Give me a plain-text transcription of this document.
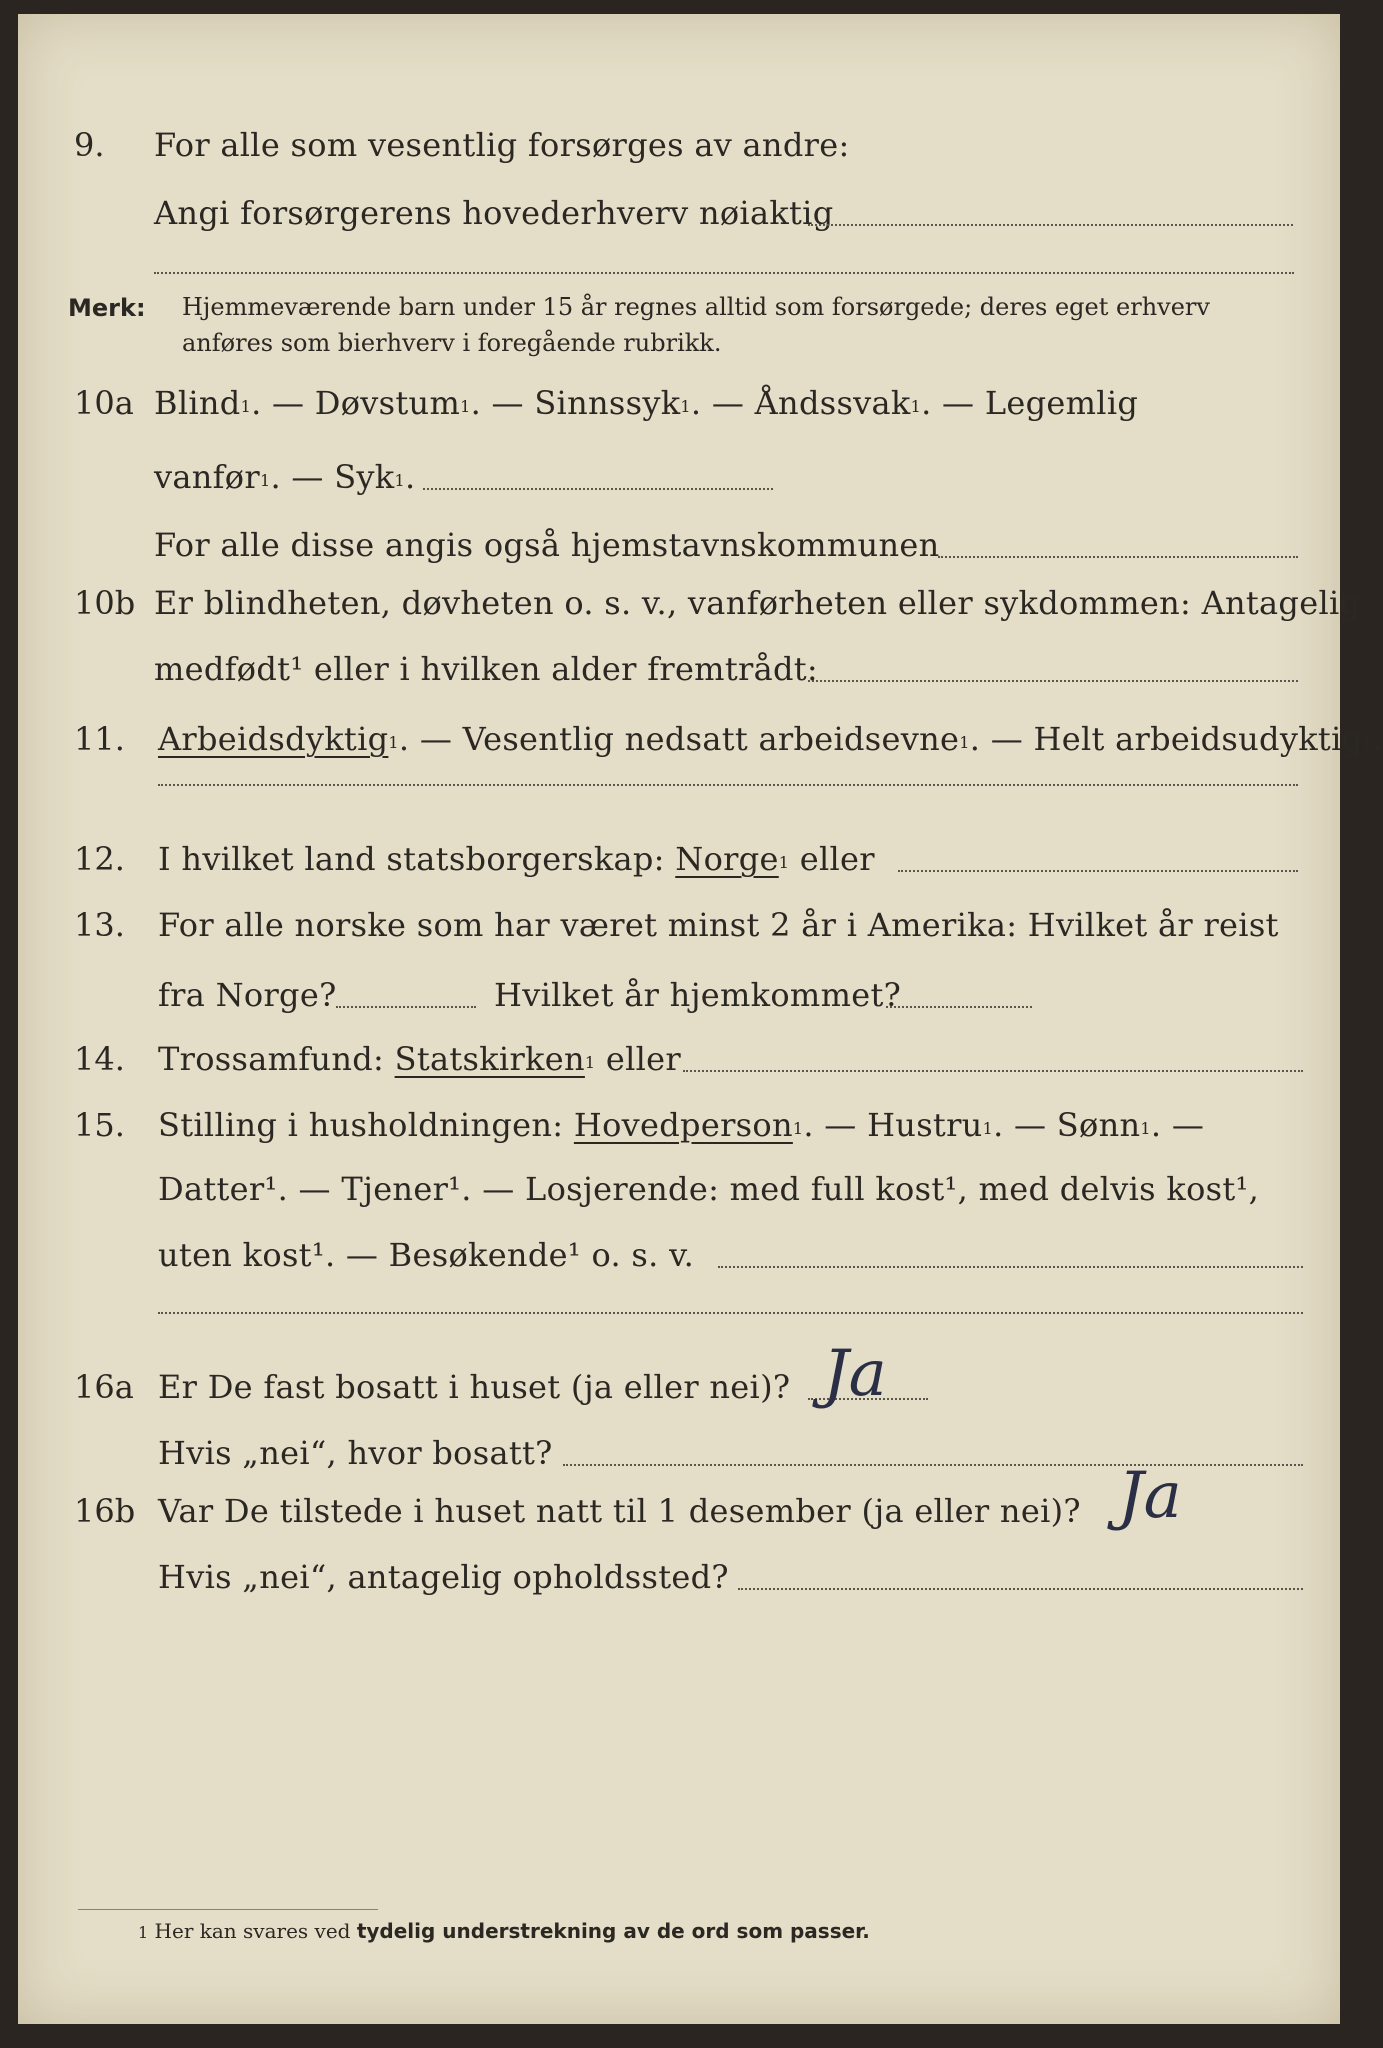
9. For alle som vesentlig forsørges av andre:
Angi forsørgerens hovederhverv nøiaktig
Merk: Hjemmeværende barn under 15 år regnes alltid som forsørgede; deres eget erhverv
anføres som bierhverv i foregående rubrikk.
10a Blind$^1$. — Døvstum$^1$. — Sinnssyk$^1$. — Åndssvak$^1$. — Legemlig
vanfør$^1$. — Syk$^1$.
For alle disse angis også hjemstavnskommunen
10b Er blindheten, døvheten o. s. v., vanførheten eller sykdommen: Antagelig
medfødt¹ eller i hvilken alder fremtrådt:
11. Arbeidsdyktig$^1$. — Vesentlig nedsatt arbeidsevne$^1$. — Helt arbeidsudyktig$^1$.
12. I hvilket land statsborgerskap: Norge$^1$ eller
13. For alle norske som har været minst 2 år i Amerika: Hvilket år reist
fra Norge?	Hvilket år hjemkommet?
14. Trossamfund: Statskirken$^1$ eller
15. Stilling i husholdningen: Hovedperson$^1$. — Hustru$^1$. — Sønn$^1$. —
Datter¹. — Tjener¹. — Losjerende: med full kost¹, med delvis kost¹,
uten kost¹. — Besøkende¹ o. s. v.
16a Er De fast bosatt i huset (ja eller nei)? Ja
Hvis „nei“, hvor bosatt?
16b Var De tilstede i huset natt til 1 desember (ja eller nei)? Ja
Hvis „nei“, antagelig opholdssted?
$^1$ Her kan svares ved tydelig understrekning av de ord som passer.
